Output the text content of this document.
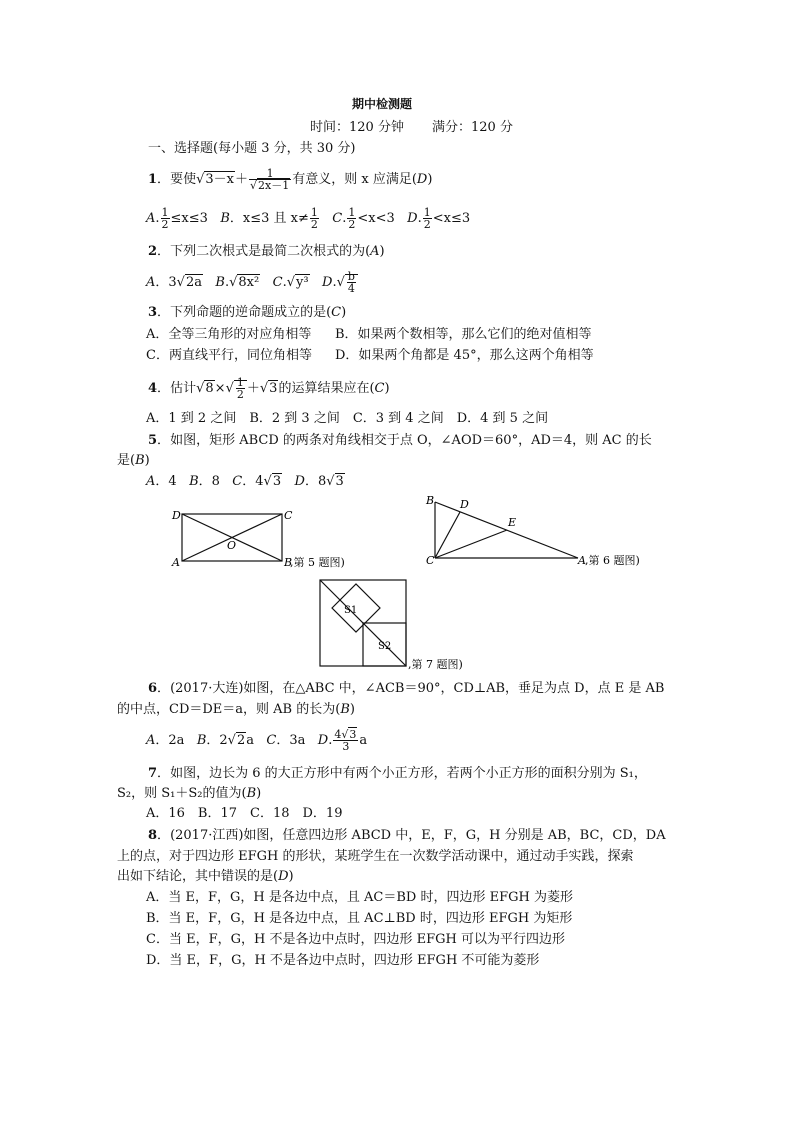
期中检测题
时间：120 分钟 满分：120 分
一、选择题(每小题 3 分，共 30 分)
1．要使√ 3－x＋ 1
√ 2x－1 有意义，则 x 应满足(D)
A. $\frac{1}{2} \le x\le 3$   B．x≤3 且 $x\ne \frac{1}{2} C$. $\frac{1}{2} <x<3$   D. $\frac{1}{2} <x\le 3$
2．下列二次根式是最简二次根式的为(A)
A．3√ 2a B.√ 8x² C.√ y³ $D.√ \frac{b}{4}$
3．下列命题的逆命题成立的是(C)
A．全等三角形的对应角相等 B．如果两个数相等，那么它们的绝对值相等
C．两直线平行，同位角相等 D．如果两个角都是 45°，那么这两个角相等
4．估计√ $8\times√ \frac{1}{2}$ ＋√ 3的运算结果应在(C)
A．1 到 2 之间　B．2 到 3 之间　C．3 到 4 之间　D．4 到 5 之间
5．如图，矩形 ABCD 的两条对角线相交于点 O，∠AOD＝60°，AD＝4，则 AC 的长
是(B)
A．4   B．8   C．4√ 3 D．8√ 3
D	C
A	B
O
,第 5 题图)
B D
E
C	A ,第 6 题图)
S1
S2
,第 7 题图)
6．(2017·大连)如图，在△ABC 中，∠ACB＝90°，CD⊥AB，垂足为点 D，点 E 是 AB
的中点，CD＝DE＝a，则 AB 的长为(B)
A．2a   B．2√ 2a   C．3a   D. $\frac{4√ 3}{3}$ a
7．如图，边长为 6 的大正方形中有两个小正方形，若两个小正方形的面积分别为 S₁，
S₂，则 S₁＋S₂的值为(B)
A．16　B．17　C．18　D．19
8．(2017·江西)如图，任意四边形 ABCD 中，E，F，G，H 分别是 AB，BC，CD，DA
上的点，对于四边形 EFGH 的形状，某班学生在一次数学活动课中，通过动手实践，探索
出如下结论，其中错误的是(D)
A．当 E，F，G，H 是各边中点，且 AC＝BD 时，四边形 EFGH 为菱形
B．当 E，F，G，H 是各边中点，且 AC⊥BD 时，四边形 EFGH 为矩形
C．当 E，F，G，H 不是各边中点时，四边形 EFGH 可以为平行四边形
D．当 E，F，G，H 不是各边中点时，四边形 EFGH 不可能为菱形
